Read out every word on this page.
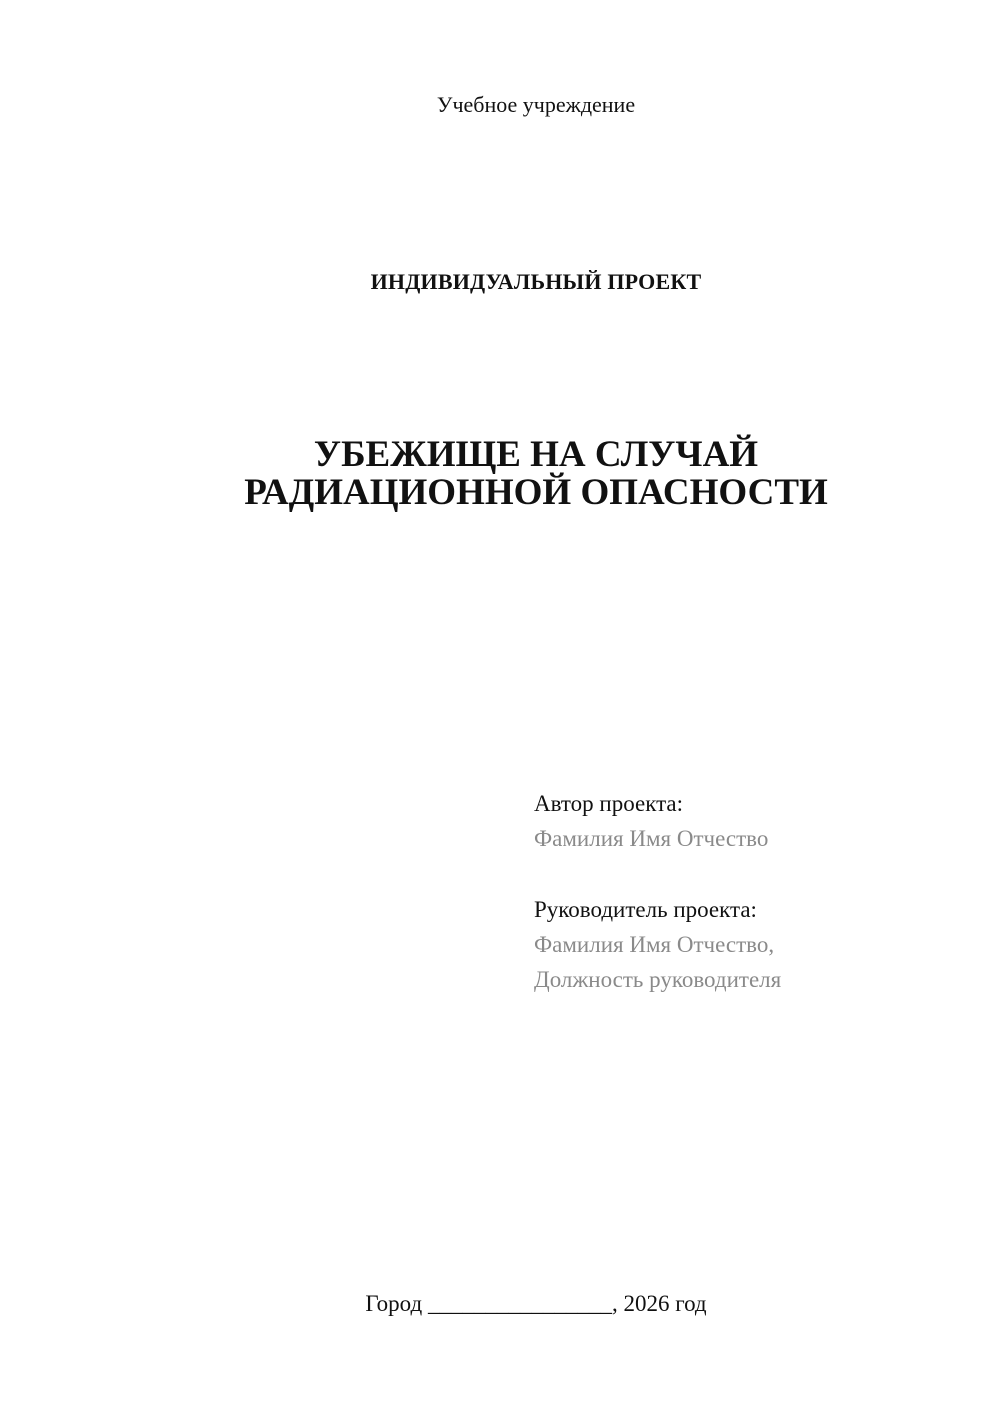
Учебное учреждение
ИНДИВИДУАЛЬНЫЙ ПРОЕКТ
УБЕЖИЩЕ НА СЛУЧАЙ
РАДИАЦИОННОЙ ОПАСНОСТИ
Автор проекта:
Фамилия Имя Отчество
Руководитель проекта:
Фамилия Имя Отчество,
Должность руководителя
Город ________________, 2026 год
